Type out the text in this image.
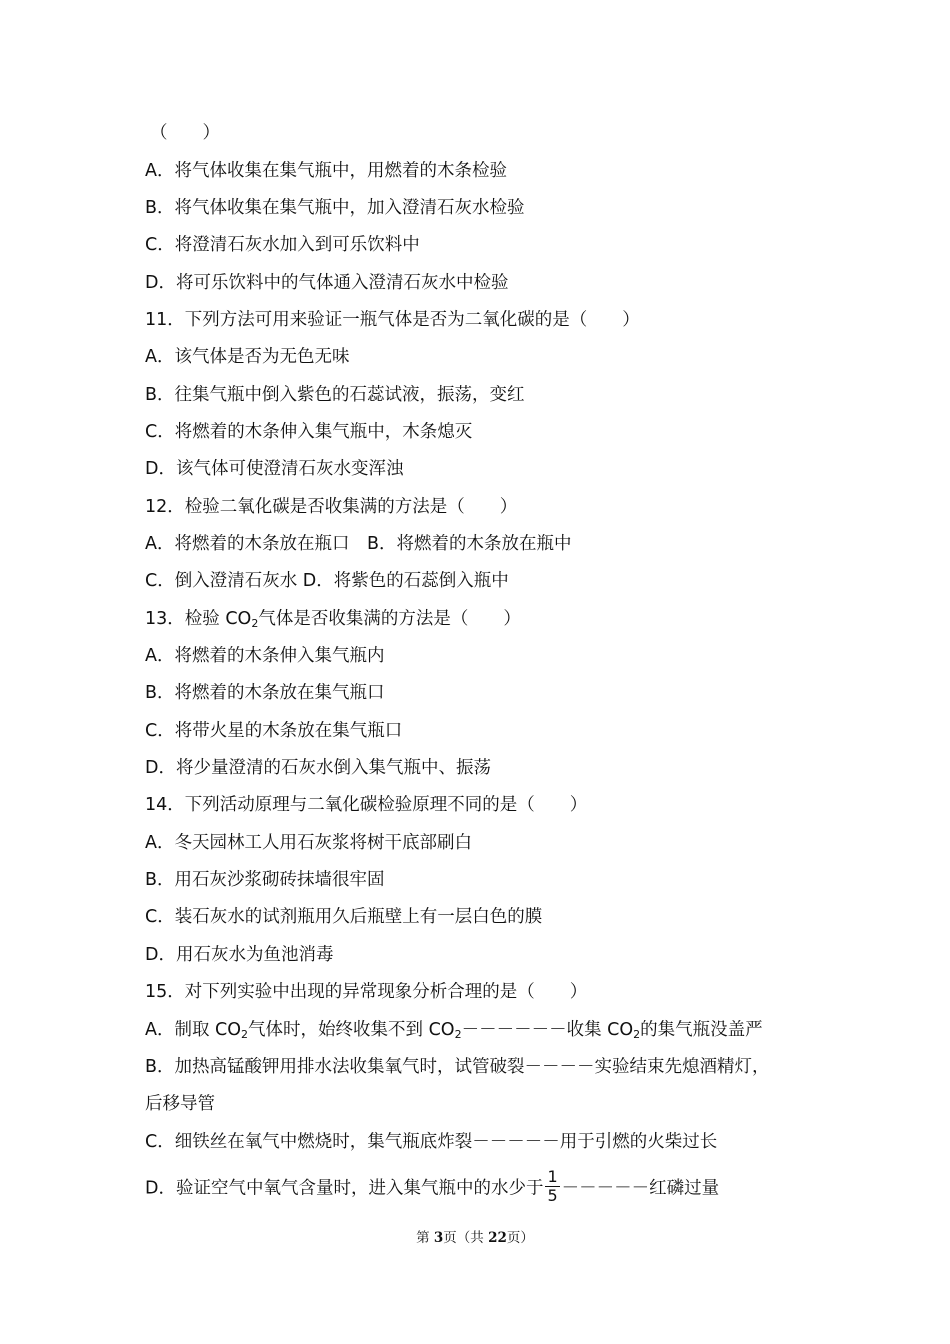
（　　）
A．将气体收集在集气瓶中，用燃着的木条检验
B．将气体收集在集气瓶中，加入澄清石灰水检验
C．将澄清石灰水加入到可乐饮料中
D．将可乐饮料中的气体通入澄清石灰水中检验
11．下列方法可用来验证一瓶气体是否为二氧化碳的是（　　）
A．该气体是否为无色无味
B．往集气瓶中倒入紫色的石蕊试液，振荡，变红
C．将燃着的木条伸入集气瓶中，木条熄灭
D．该气体可使澄清石灰水变浑浊
12．检验二氧化碳是否收集满的方法是（　　）
A．将燃着的木条放在瓶口　B．将燃着的木条放在瓶中
C．倒入澄清石灰水 D．将紫色的石蕊倒入瓶中
13．检验 $CO_2$气体是否收集满的方法是（　　）
A．将燃着的木条伸入集气瓶内
B．将燃着的木条放在集气瓶口
C．将带火星的木条放在集气瓶口
D．将少量澄清的石灰水倒入集气瓶中、振荡
14．下列活动原理与二氧化碳检验原理不同的是（　　）
A．冬天园林工人用石灰浆将树干底部刷白
B．用石灰沙浆砌砖抹墙很牢固
C．装石灰水的试剂瓶用久后瓶壁上有一层白色的膜
D．用石灰水为鱼池消毒
15．对下列实验中出现的异常现象分析合理的是（　　）
A．制取 $CO_2$气体时，始终收集不到 $CO_2------$收集 $CO_2$的集气瓶没盖严
B．加热高锰酸钾用排水法收集氧气时，试管破裂－－－－实验结束先熄酒精灯，
后移导管
C．细铁丝在氧气中燃烧时，集气瓶底炸裂－－－－－用于引燃的火柴过长
D．验证空气中氧气含量时，进入集气瓶中的水少于 $\frac{1}{5}$ －－－－－红磷过量
第 3页（共 22页）
